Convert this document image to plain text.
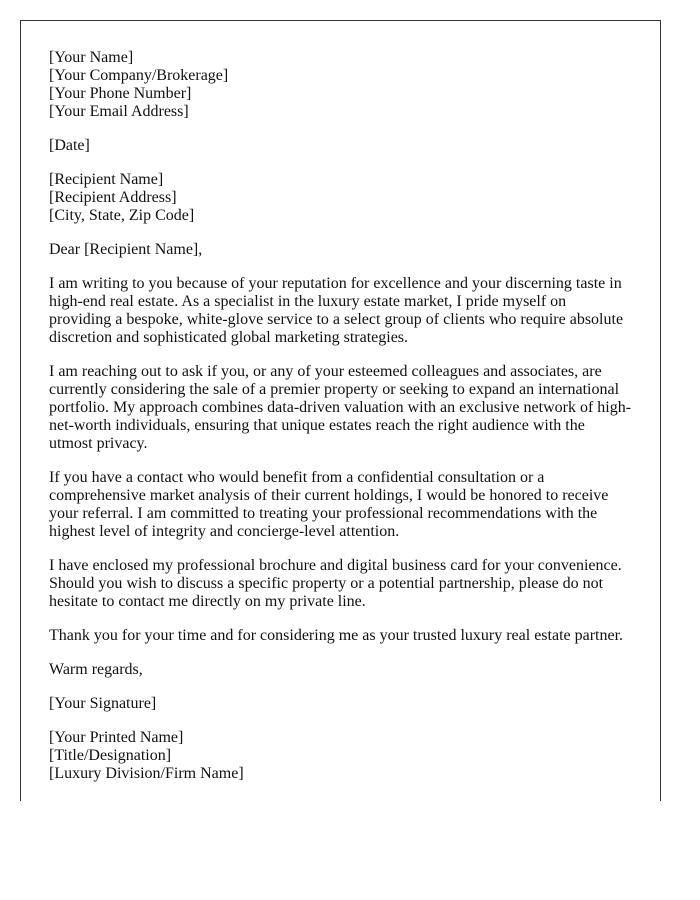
[Your Name]
[Your Company/Brokerage]
[Your Phone Number]
[Your Email Address]
[Date]
[Recipient Name]
[Recipient Address]
[City, State, Zip Code]

Dear [Recipient Name],

I am writing to you because of your reputation for excellence and your discerning taste in high-end real estate. As a specialist in the luxury estate market, I pride myself on providing a bespoke, white-glove service to a select group of clients who require absolute discretion and sophisticated global marketing strategies.

I am reaching out to ask if you, or any of your esteemed colleagues and associates, are currently considering the sale of a premier property or seeking to expand an international portfolio. My approach combines data-driven valuation with an exclusive network of high-net-worth individuals, ensuring that unique estates reach the right audience with the utmost privacy.

If you have a contact who would benefit from a confidential consultation or a comprehensive market analysis of their current holdings, I would be honored to receive your referral. I am committed to treating your professional recommendations with the highest level of integrity and concierge-level attention.

I have enclosed my professional brochure and digital business card for your convenience. Should you wish to discuss a specific property or a potential partnership, please do not hesitate to contact me directly on my private line.

Thank you for your time and for considering me as your trusted luxury real estate partner.

Warm regards,

[Your Signature]

[Your Printed Name]
[Title/Designation]
[Luxury Division/Firm Name]
